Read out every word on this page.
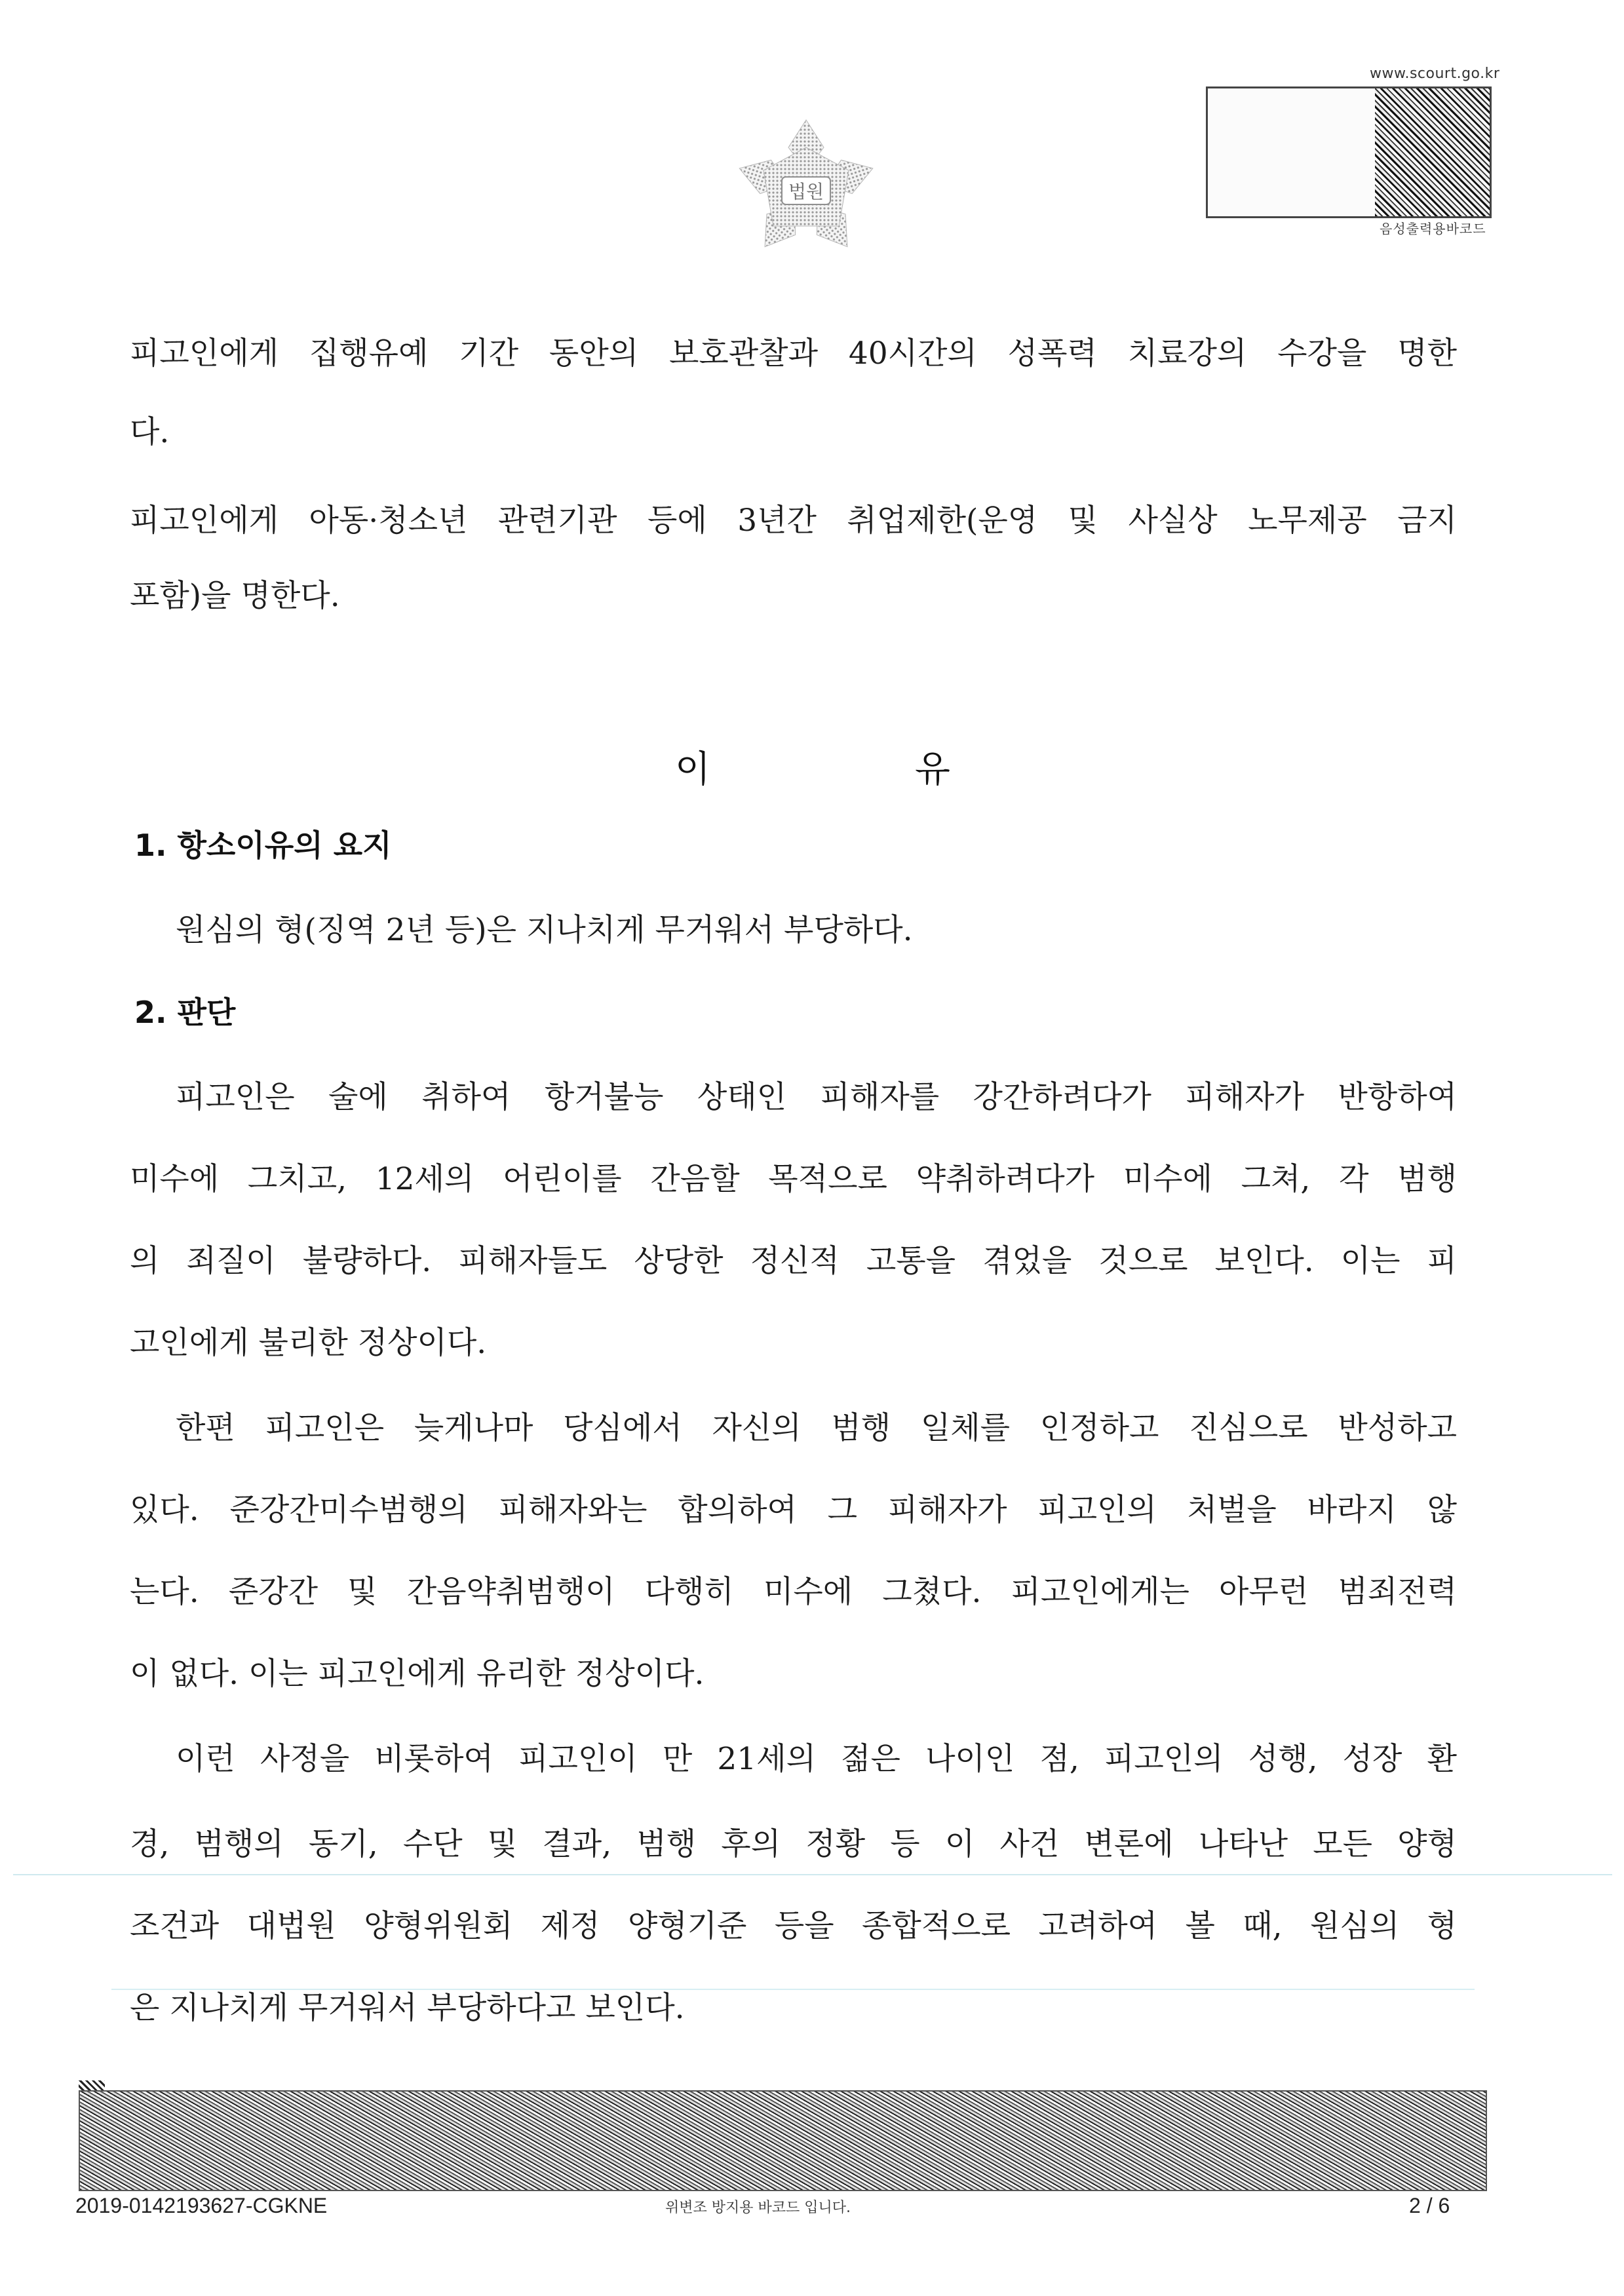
법원
www.scourt.go.kr
음성출력용바코드
피고인에게 집행유예 기간 동안의 보호관찰과 40시간의 성폭력 치료강의 수강을 명한
다.
피고인에게 아동·청소년 관련기관 등에 3년간 취업제한(운영 및 사실상 노무제공 금지
포함)을 명한다.
이 유
1. 항소이유의 요지
원심의 형(징역 2년 등)은 지나치게 무거워서 부당하다.
2. 판단
피고인은 술에 취하여 항거불능 상태인 피해자를 강간하려다가 피해자가 반항하여
미수에 그치고, 12세의 어린이를 간음할 목적으로 약취하려다가 미수에 그쳐, 각 범행
의 죄질이 불량하다. 피해자들도 상당한 정신적 고통을 겪었을 것으로 보인다. 이는 피
고인에게 불리한 정상이다.
한편 피고인은 늦게나마 당심에서 자신의 범행 일체를 인정하고 진심으로 반성하고
있다. 준강간미수범행의 피해자와는 합의하여 그 피해자가 피고인의 처벌을 바라지 않
는다. 준강간 및 간음약취범행이 다행히 미수에 그쳤다. 피고인에게는 아무런 범죄전력
이 없다. 이는 피고인에게 유리한 정상이다.
이런 사정을 비롯하여 피고인이 만 21세의 젊은 나이인 점, 피고인의 성행, 성장 환
경, 범행의 동기, 수단 및 결과, 범행 후의 정황 등 이 사건 변론에 나타난 모든 양형
조건과 대법원 양형위원회 제정 양형기준 등을 종합적으로 고려하여 볼 때, 원심의 형
은 지나치게 무거워서 부당하다고 보인다.
2019-0142193627-CGKNE	위변조 방지용 바코드 입니다.	2 / 6
